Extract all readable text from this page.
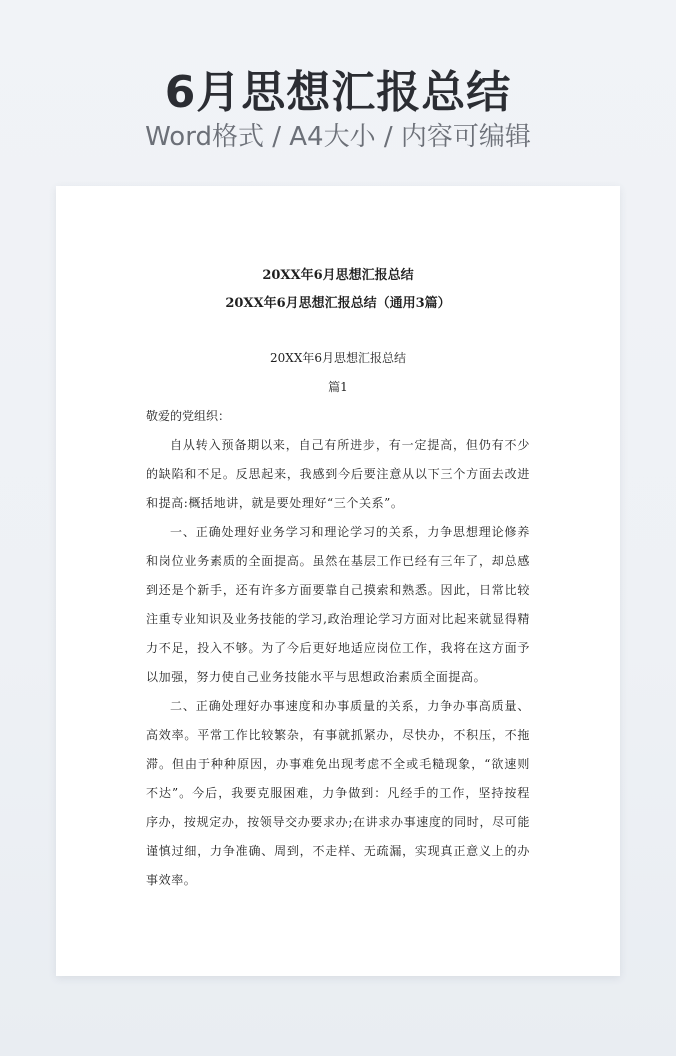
6月思想汇报总结
Word格式 / A4大小 / 内容可编辑

20XX年6月思想汇报总结

20XX年6月思想汇报总结（通用3篇）

20XX年6月思想汇报总结

篇1

敬爱的党组织：

自从转入预备期以来，自己有所进步，有一定提高，但仍有不少的缺陷和不足。反思起来，我感到今后要注意从以下三个方面去改进和提高:概括地讲，就是要处理好“三个关系”。

一、正确处理好业务学习和理论学习的关系，力争思想理论修养和岗位业务素质的全面提高。虽然在基层工作已经有三年了，却总感到还是个新手，还有许多方面要靠自己摸索和熟悉。因此，日常比较注重专业知识及业务技能的学习,政治理论学习方面对比起来就显得精力不足，投入不够。为了今后更好地适应岗位工作，我将在这方面予以加强，努力使自己业务技能水平与思想政治素质全面提高。

二、正确处理好办事速度和办事质量的关系，力争办事高质量、高效率。平常工作比较繁杂，有事就抓紧办，尽快办，不积压，不拖滞。但由于种种原因，办事难免出现考虑不全或毛糙现象，“欲速则不达”。今后，我要克服困难，力争做到：凡经手的工作，坚持按程序办，按规定办，按领导交办要求办;在讲求办事速度的同时，尽可能谨慎过细，力争准确、周到，不走样、无疏漏，实现真正意义上的办事效率。
